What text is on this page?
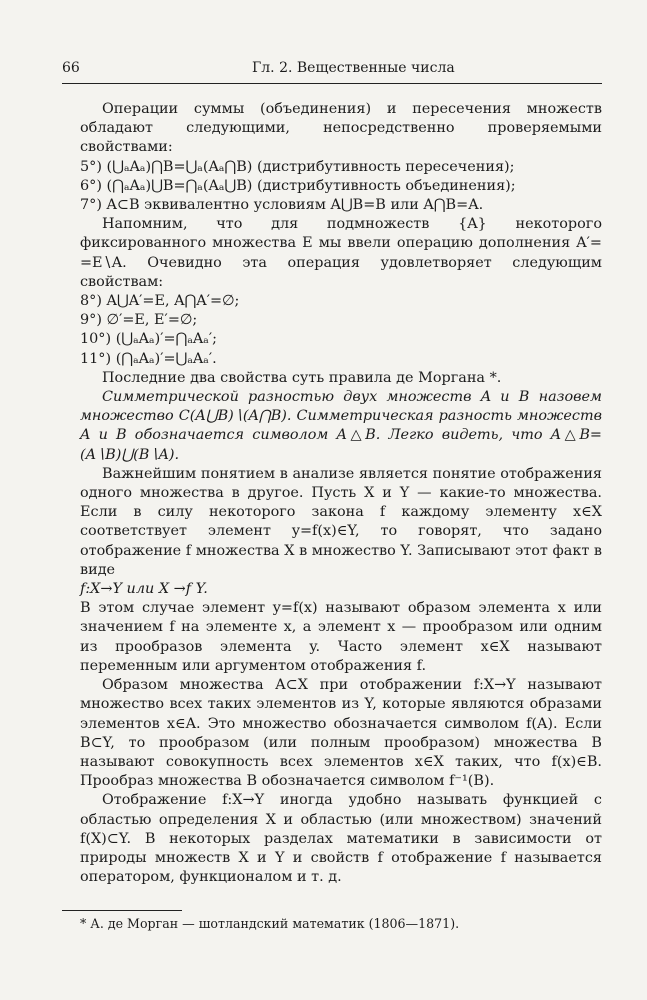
66	Гл. 2. Вещественные числа

Операции суммы (объединения) и пересечения множеств обладают следующими, непосредственно проверяемыми свойствами:

5°) (⋃ₐAₐ)⋂B=⋃ₐ(Aₐ⋂B) (дистрибутивность пересечения);

6°) (⋂ₐAₐ)⋃B=⋂ₐ(Aₐ⋃B) (дистрибутивность объединения);

7°) A⊂B эквивалентно условиям A⋃B=B или A⋂B=A.

Напомним, что для подмножеств {A} некоторого фиксированного множества E мы ввели операцию дополнения A′= =E∖A. Очевидно эта операция удовлетворяет следующим свойствам:

8°) A⋃A′=E, A⋂A′=∅;

9°) ∅′=E, E′=∅;

10°) (⋃ₐAₐ)′=⋂ₐAₐ′;

11°) (⋂ₐAₐ)′=⋃ₐAₐ′.

Последние два свойства суть правила де Моргана *.

Симметрической разностью двух множеств A и B назовем множество C(A⋃B)∖(A⋂B). Симметрическая разность множеств A и B обозначается символом A△B. Легко видеть, что A△B=(A∖B)⋃(B∖A).

Важнейшим понятием в анализе является понятие отображения одного множества в другое. Пусть X и Y — какие-то множества. Если в силу некоторого закона f каждому элементу x∈X соответствует элемент y=f(x)∈Y, то говорят, что задано отображение f множества X в множество Y. Записывают этот факт в виде

f:X→Y или X →f Y.

В этом случае элемент y=f(x) называют образом элемента x или значением f на элементе x, а элемент x — прообразом или одним из прообразов элемента y. Часто элемент x∈X называют переменным или аргументом отображения f.

Образом множества A⊂X при отображении f:X→Y называют множество всех таких элементов из Y, которые являются образами элементов x∈A. Это множество обозначается символом f(A). Если B⊂Y, то прообразом (или полным прообразом) множества B называют совокупность всех элементов x∈X таких, что f(x)∈B. Прообраз множества B обозначается символом f⁻¹(B).

Отображение f:X→Y иногда удобно называть функцией с областью определения X и областью (или множеством) значений f(X)⊂Y. В некоторых разделах математики в зависимости от природы множеств X и Y и свойств f отображение f называется оператором, функционалом и т. д.

* А. де Морган — шотландский математик (1806—1871).
